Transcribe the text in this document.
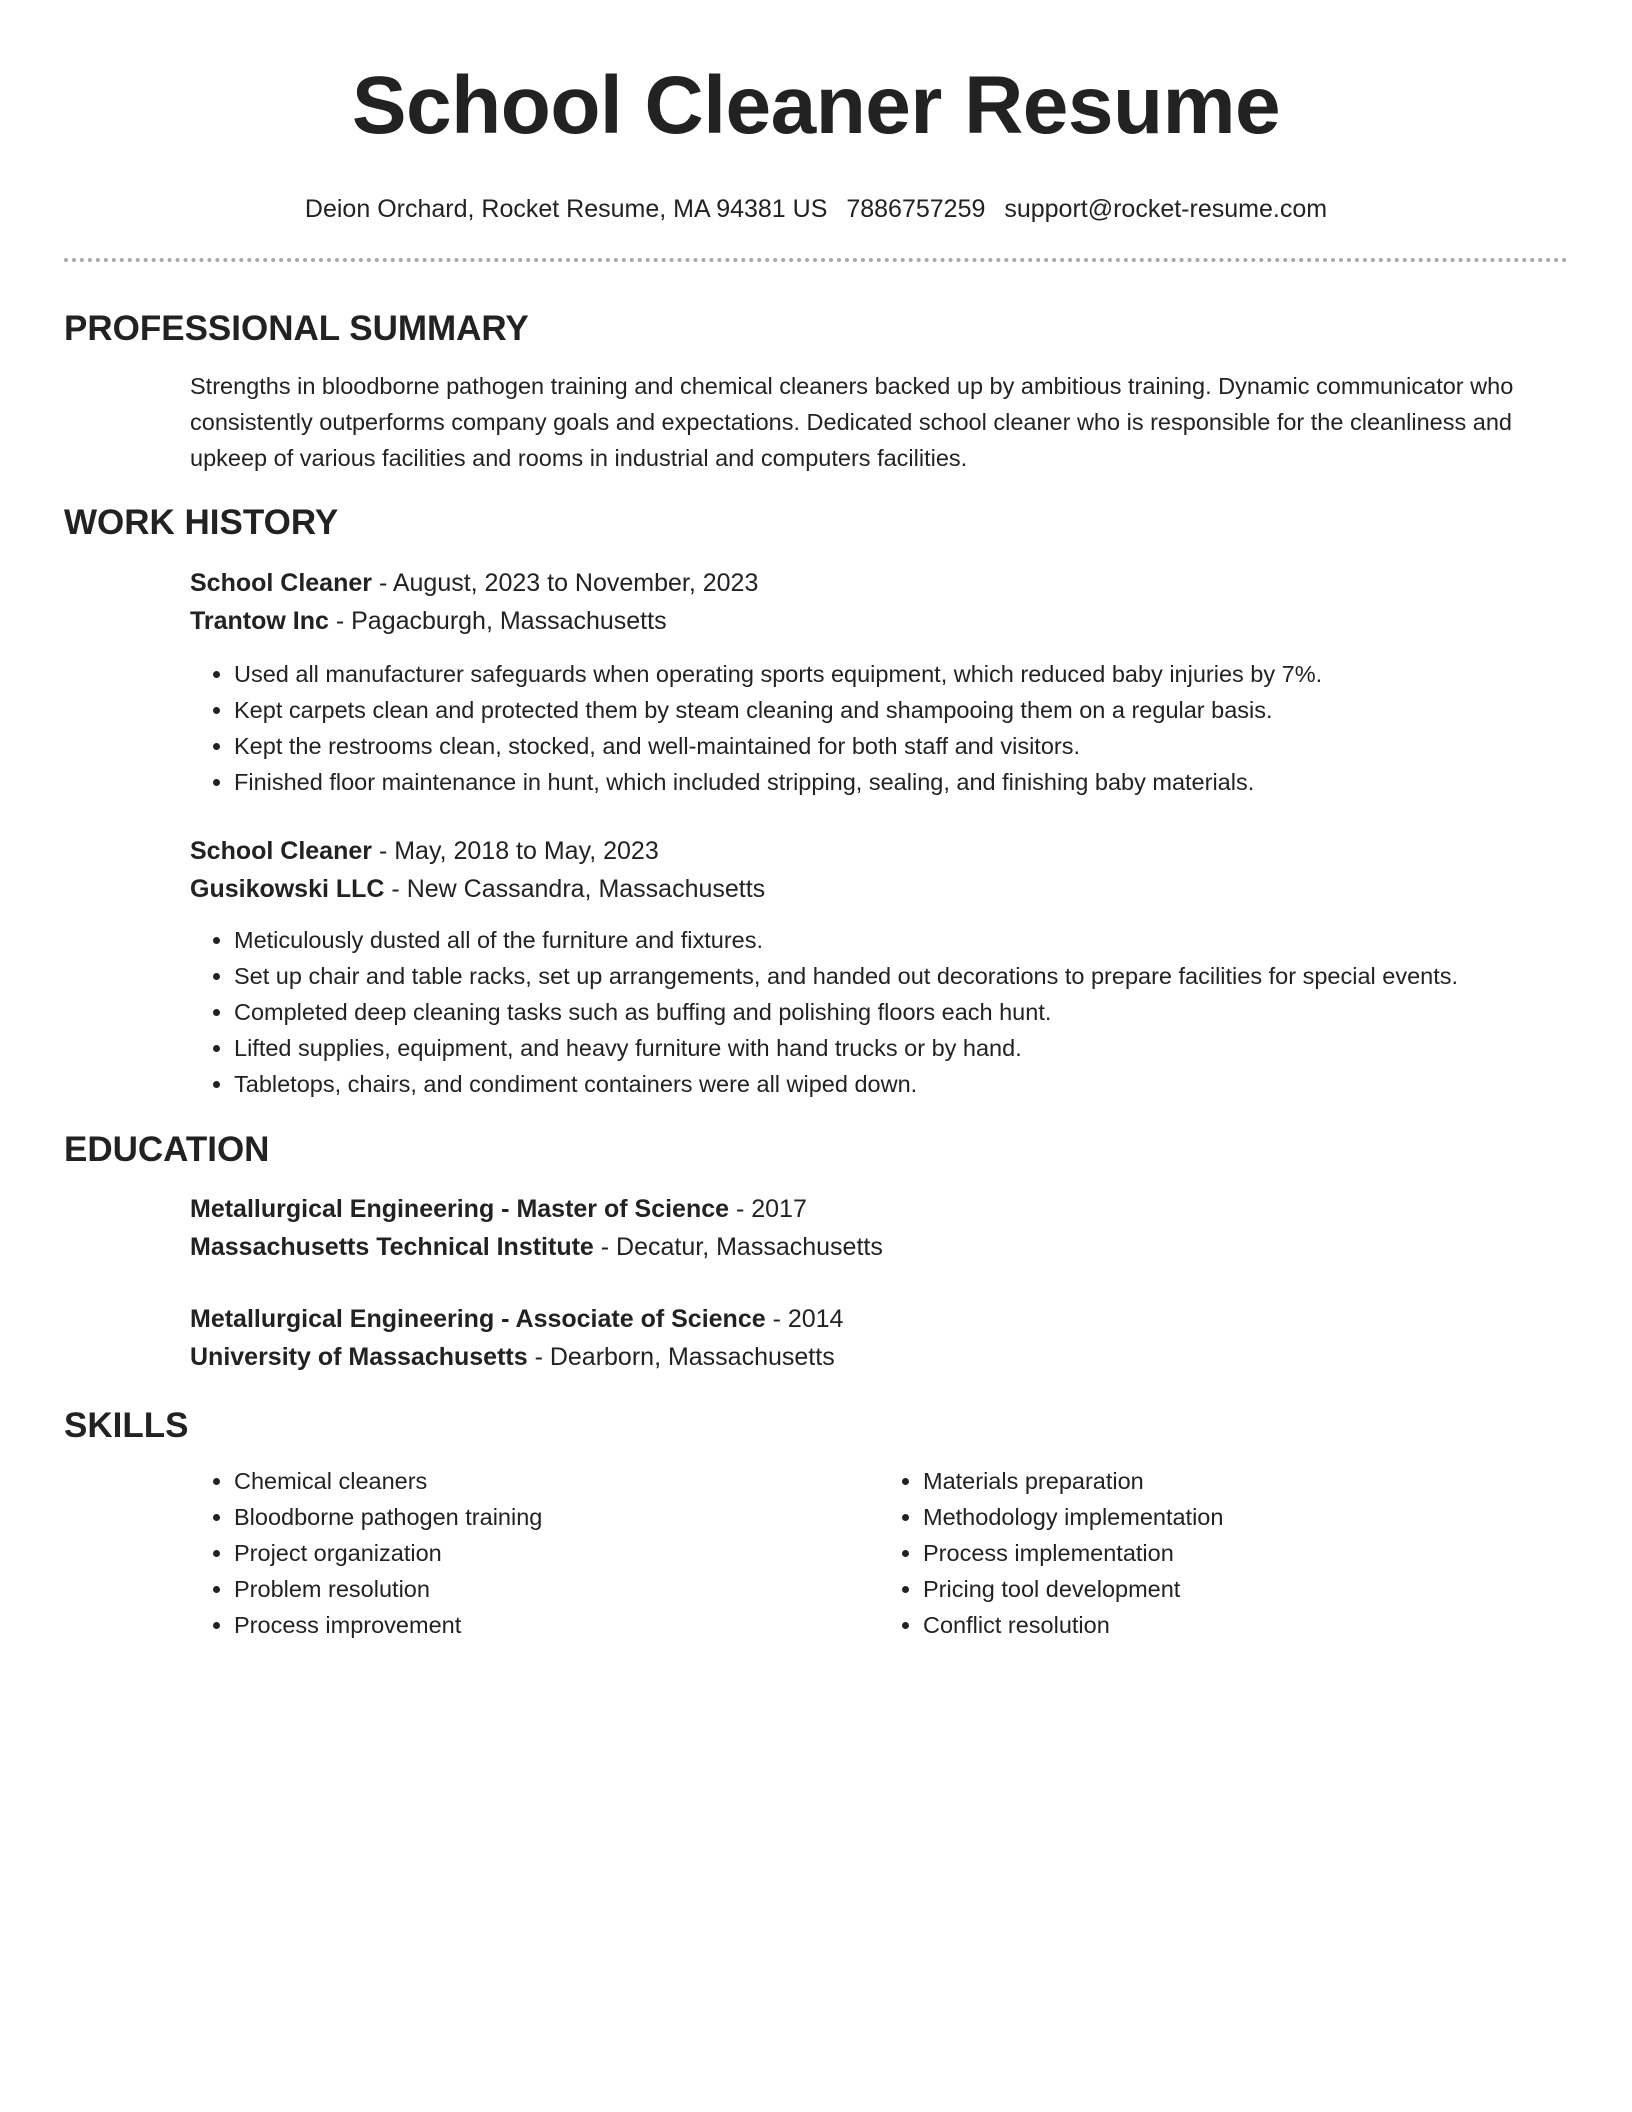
School Cleaner Resume
Deion Orchard, Rocket Resume, MA 94381 US 7886757259 support@rocket-resume.com
PROFESSIONAL SUMMARY

Strengths in bloodborne pathogen training and chemical cleaners backed up by ambitious training. Dynamic communicator who consistently outperforms company goals and expectations. Dedicated school cleaner who is responsible for the cleanliness and upkeep of various facilities and rooms in industrial and computers facilities.

WORK HISTORY

School Cleaner - August, 2023 to November, 2023

Trantow Inc - Pagacburgh, Massachusetts

• Used all manufacturer safeguards when operating sports equipment, which reduced baby injuries by 7%.
• Kept carpets clean and protected them by steam cleaning and shampooing them on a regular basis.
• Kept the restrooms clean, stocked, and well-maintained for both staff and visitors.
• Finished floor maintenance in hunt, which included stripping, sealing, and finishing baby materials.

School Cleaner - May, 2018 to May, 2023

Gusikowski LLC - New Cassandra, Massachusetts

• Meticulously dusted all of the furniture and fixtures.
• Set up chair and table racks, set up arrangements, and handed out decorations to prepare facilities for special events.
• Completed deep cleaning tasks such as buffing and polishing floors each hunt.
• Lifted supplies, equipment, and heavy furniture with hand trucks or by hand.
• Tabletops, chairs, and condiment containers were all wiped down.
EDUCATION

Metallurgical Engineering - Master of Science - 2017

Massachusetts Technical Institute - Decatur, Massachusetts

Metallurgical Engineering - Associate of Science - 2014

University of Massachusetts - Dearborn, Massachusetts

SKILLS
• Chemical cleaners
• Bloodborne pathogen training
• Project organization
• Problem resolution
• Process improvement
• Materials preparation
• Methodology implementation
• Process implementation
• Pricing tool development
• Conflict resolution
